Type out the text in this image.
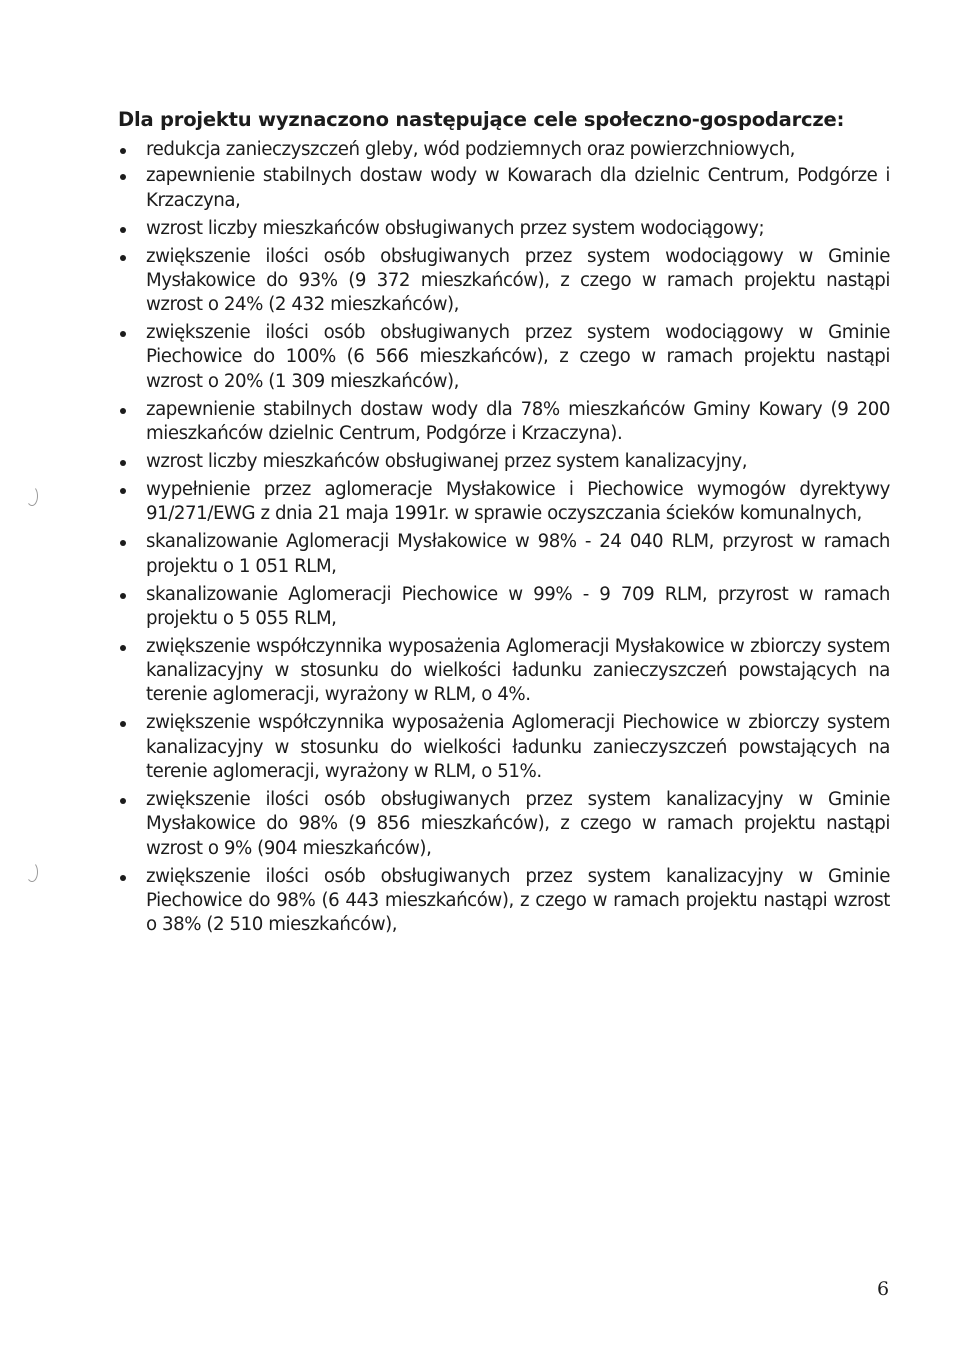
Dla projektu wyznaczono następujące cele społeczno-gospodarcze:
redukcja zanieczyszczeń gleby, wód podziemnych oraz powierzchniowych,
zapewnienie stabilnych dostaw wody w Kowarach dla dzielnic Centrum, Podgórze i Krzaczyna,
wzrost liczby mieszkańców obsługiwanych przez system wodociągowy;
zwiększenie ilości osób obsługiwanych przez system wodociągowy w Gminie Mysłakowice do 93% (9 372 mieszkańców), z czego w ramach projektu nastąpi wzrost o 24% (2 432 mieszkańców),
zwiększenie ilości osób obsługiwanych przez system wodociągowy w Gminie Piechowice do 100% (6 566 mieszkańców), z czego w ramach projektu nastąpi wzrost o 20% (1 309 mieszkańców),
zapewnienie stabilnych dostaw wody dla 78% mieszkańców Gminy Kowary (9 200 mieszkańców dzielnic Centrum, Podgórze i Krzaczyna).
wzrost liczby mieszkańców obsługiwanej przez system kanalizacyjny,
wypełnienie przez aglomeracje Mysłakowice i Piechowice wymogów dyrektywy 91/271/EWG z dnia 21 maja 1991r. w sprawie oczyszczania ścieków komunalnych,
skanalizowanie Aglomeracji Mysłakowice w 98% - 24 040 RLM, przyrost w ramach projektu o 1 051 RLM,
skanalizowanie Aglomeracji Piechowice w 99% - 9 709 RLM, przyrost w ramach projektu o 5 055 RLM,
zwiększenie współczynnika wyposażenia Aglomeracji Mysłakowice w zbiorczy system kanalizacyjny w stosunku do wielkości ładunku zanieczyszczeń powstających na terenie aglomeracji, wyrażony w RLM, o 4%.
zwiększenie współczynnika wyposażenia Aglomeracji Piechowice w zbiorczy system kanalizacyjny w stosunku do wielkości ładunku zanieczyszczeń powstających na terenie aglomeracji, wyrażony w RLM, o 51%.
zwiększenie ilości osób obsługiwanych przez system kanalizacyjny w Gminie Mysłakowice do 98% (9 856 mieszkańców), z czego w ramach projektu nastąpi wzrost o 9% (904 mieszkańców),
zwiększenie ilości osób obsługiwanych przez system kanalizacyjny w Gminie Piechowice do 98% (6 443 mieszkańców), z czego w ramach projektu nastąpi wzrost o 38% (2 510 mieszkańców),
6
